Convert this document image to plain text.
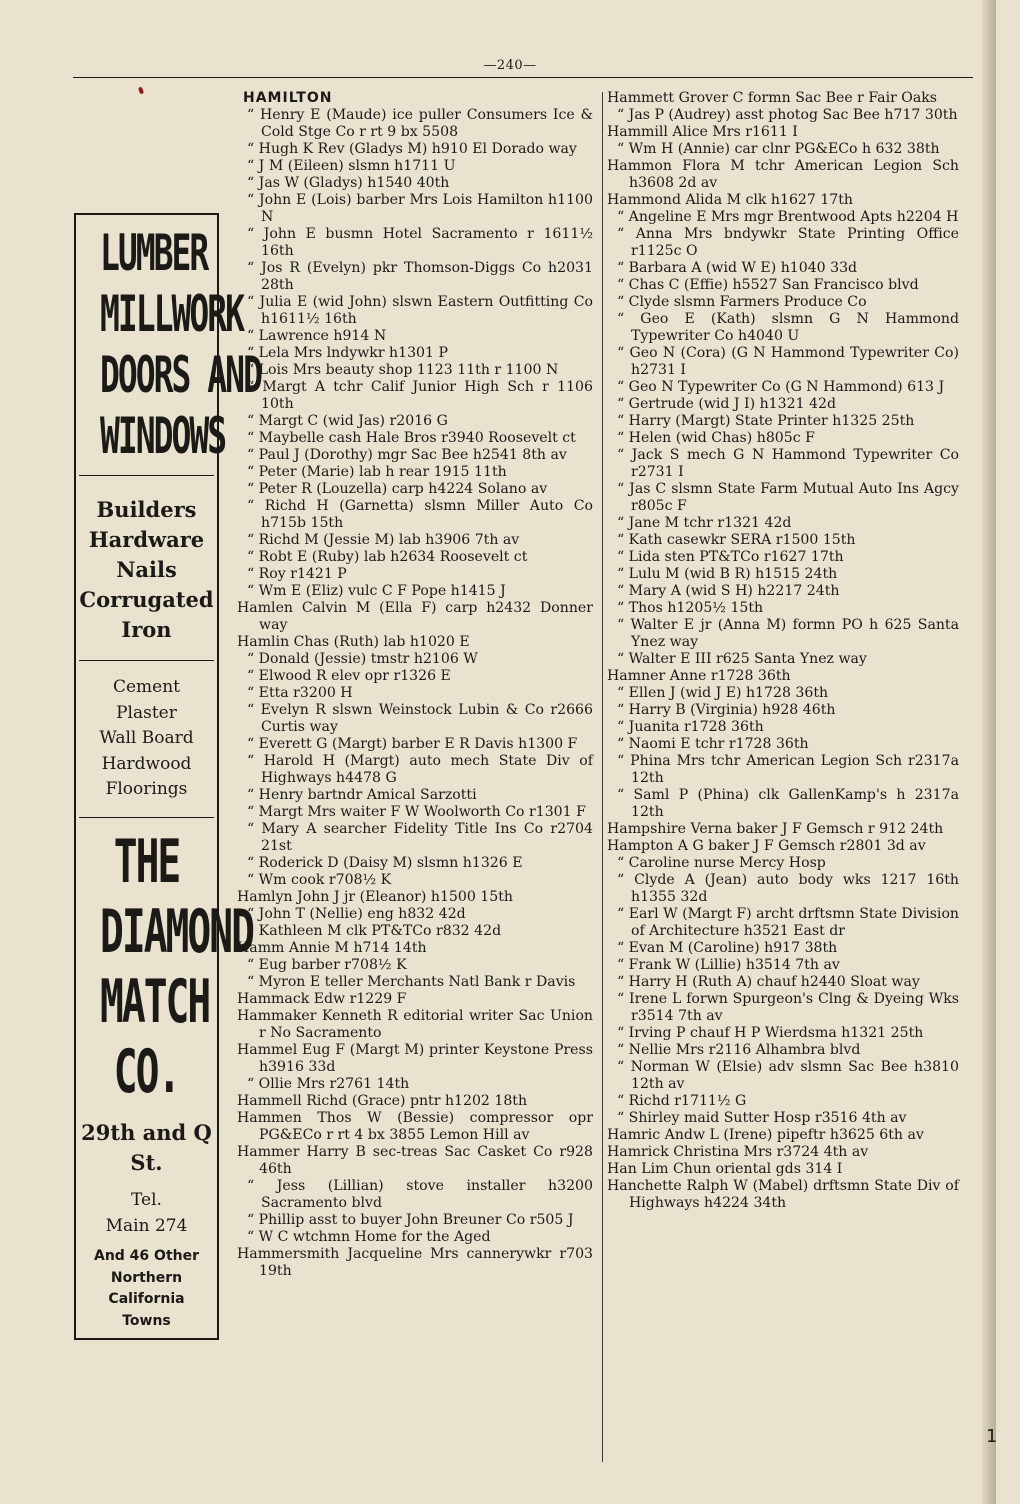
1
—240—
LUMBER
MILLWORK
DOORS AND
WINDOWS
Builders
Hardware
Nails
Corrugated
Iron
Cement
Plaster
Wall Board
Hardwood
Floorings
THE
DIAMOND
MATCH
CO.
29th and Q
St.
Tel.
Main 274
And 46 Other
Northern
California
Towns
HAMILTON
“ Henry E (Maude) ice puller Consumers Ice & Cold Stge Co r rt 9 bx 5508
“ Hugh K Rev (Gladys M) h910 El Dorado way
“ J M (Eileen) slsmn h1711 U
“ Jas W (Gladys) h1540 40th
“ John E (Lois) barber Mrs Lois Hamilton h1100 N
“ John E busmn Hotel Sacramento r 1611½ 16th
“ Jos R (Evelyn) pkr Thomson-Diggs Co h2031 28th
“ Julia E (wid John) slswn Eastern Outfitting Co h1611½ 16th
“ Lawrence h914 N
“ Lela Mrs lndywkr h1301 P
“ Lois Mrs beauty shop 1123 11th r 1100 N
“ Margt A tchr Calif Junior High Sch r 1106 10th
“ Margt C (wid Jas) r2016 G
“ Maybelle cash Hale Bros r3940 Roosevelt ct
“ Paul J (Dorothy) mgr Sac Bee h2541 8th av
“ Peter (Marie) lab h rear 1915 11th
“ Peter R (Louzella) carp h4224 Solano av
“ Richd H (Garnetta) slsmn Miller Auto Co h715b 15th
“ Richd M (Jessie M) lab h3906 7th av
“ Robt E (Ruby) lab h2634 Roosevelt ct
“ Roy r1421 P
“ Wm E (Eliz) vulc C F Pope h1415 J
Hamlen Calvin M (Ella F) carp h2432 Donner way
Hamlin Chas (Ruth) lab h1020 E
“ Donald (Jessie) tmstr h2106 W
“ Elwood R elev opr r1326 E
“ Etta r3200 H
“ Evelyn R slswn Weinstock Lubin & Co r2666 Curtis way
“ Everett G (Margt) barber E R Davis h1300 F
“ Harold H (Margt) auto mech State Div of Highways h4478 G
“ Henry bartndr Amical Sarzotti
“ Margt Mrs waiter F W Woolworth Co r1301 F
“ Mary A searcher Fidelity Title Ins Co r2704 21st
“ Roderick D (Daisy M) slsmn h1326 E
“ Wm cook r708½ K
Hamlyn John J jr (Eleanor) h1500 15th
“ John T (Nellie) eng h832 42d
“ Kathleen M clk PT&TCo r832 42d
Hamm Annie M h714 14th
“ Eug barber r708½ K
“ Myron E teller Merchants Natl Bank r Davis
Hammack Edw r1229 F
Hammaker Kenneth R editorial writer Sac Union r No Sacramento
Hammel Eug F (Margt M) printer Keystone Press h3916 33d
“ Ollie Mrs r2761 14th
Hammell Richd (Grace) pntr h1202 18th
Hammen Thos W (Bessie) compressor opr PG&ECo r rt 4 bx 3855 Lemon Hill av
Hammer Harry B sec-treas Sac Casket Co r928 46th
“ Jess (Lillian) stove installer h3200 Sacramento blvd
“ Phillip asst to buyer John Breuner Co r505 J
“ W C wtchmn Home for the Aged
Hammersmith Jacqueline Mrs cannerywkr r703 19th
Hammett Grover C formn Sac Bee r Fair Oaks
“ Jas P (Audrey) asst photog Sac Bee h717 30th
Hammill Alice Mrs r1611 I
“ Wm H (Annie) car clnr PG&ECo h 632 38th
Hammon Flora M tchr American Legion Sch h3608 2d av
Hammond Alida M clk h1627 17th
“ Angeline E Mrs mgr Brentwood Apts h2204 H
“ Anna Mrs bndywkr State Printing Office r1125c O
“ Barbara A (wid W E) h1040 33d
“ Chas C (Effie) h5527 San Francisco blvd
“ Clyde slsmn Farmers Produce Co
“ Geo E (Kath) slsmn G N Hammond Typewriter Co h4040 U
“ Geo N (Cora) (G N Hammond Typewriter Co) h2731 I
“ Geo N Typewriter Co (G N Hammond) 613 J
“ Gertrude (wid J I) h1321 42d
“ Harry (Margt) State Printer h1325 25th
“ Helen (wid Chas) h805c F
“ Jack S mech G N Hammond Typewriter Co r2731 I
“ Jas C slsmn State Farm Mutual Auto Ins Agcy r805c F
“ Jane M tchr r1321 42d
“ Kath casewkr SERA r1500 15th
“ Lida sten PT&TCo r1627 17th
“ Lulu M (wid B R) h1515 24th
“ Mary A (wid S H) h2217 24th
“ Thos h1205½ 15th
“ Walter E jr (Anna M) formn PO h 625 Santa Ynez way
“ Walter E III r625 Santa Ynez way
Hamner Anne r1728 36th
“ Ellen J (wid J E) h1728 36th
“ Harry B (Virginia) h928 46th
“ Juanita r1728 36th
“ Naomi E tchr r1728 36th
“ Phina Mrs tchr American Legion Sch r2317a 12th
“ Saml P (Phina) clk GallenKamp's h 2317a 12th
Hampshire Verna baker J F Gemsch r 912 24th
Hampton A G baker J F Gemsch r2801 3d av
“ Caroline nurse Mercy Hosp
“ Clyde A (Jean) auto body wks 1217 16th h1355 32d
“ Earl W (Margt F) archt drftsmn State Division of Architecture h3521 East dr
“ Evan M (Caroline) h917 38th
“ Frank W (Lillie) h3514 7th av
“ Harry H (Ruth A) chauf h2440 Sloat way
“ Irene L forwn Spurgeon's Clng & Dyeing Wks r3514 7th av
“ Irving P chauf H P Wierdsma h1321 25th
“ Nellie Mrs r2116 Alhambra blvd
“ Norman W (Elsie) adv slsmn Sac Bee h3810 12th av
“ Richd r1711½ G
“ Shirley maid Sutter Hosp r3516 4th av
Hamric Andw L (Irene) pipeftr h3625 6th av
Hamrick Christina Mrs r3724 4th av
Han Lim Chun oriental gds 314 I
Hanchette Ralph W (Mabel) drftsmn State Div of Highways h4224 34th
